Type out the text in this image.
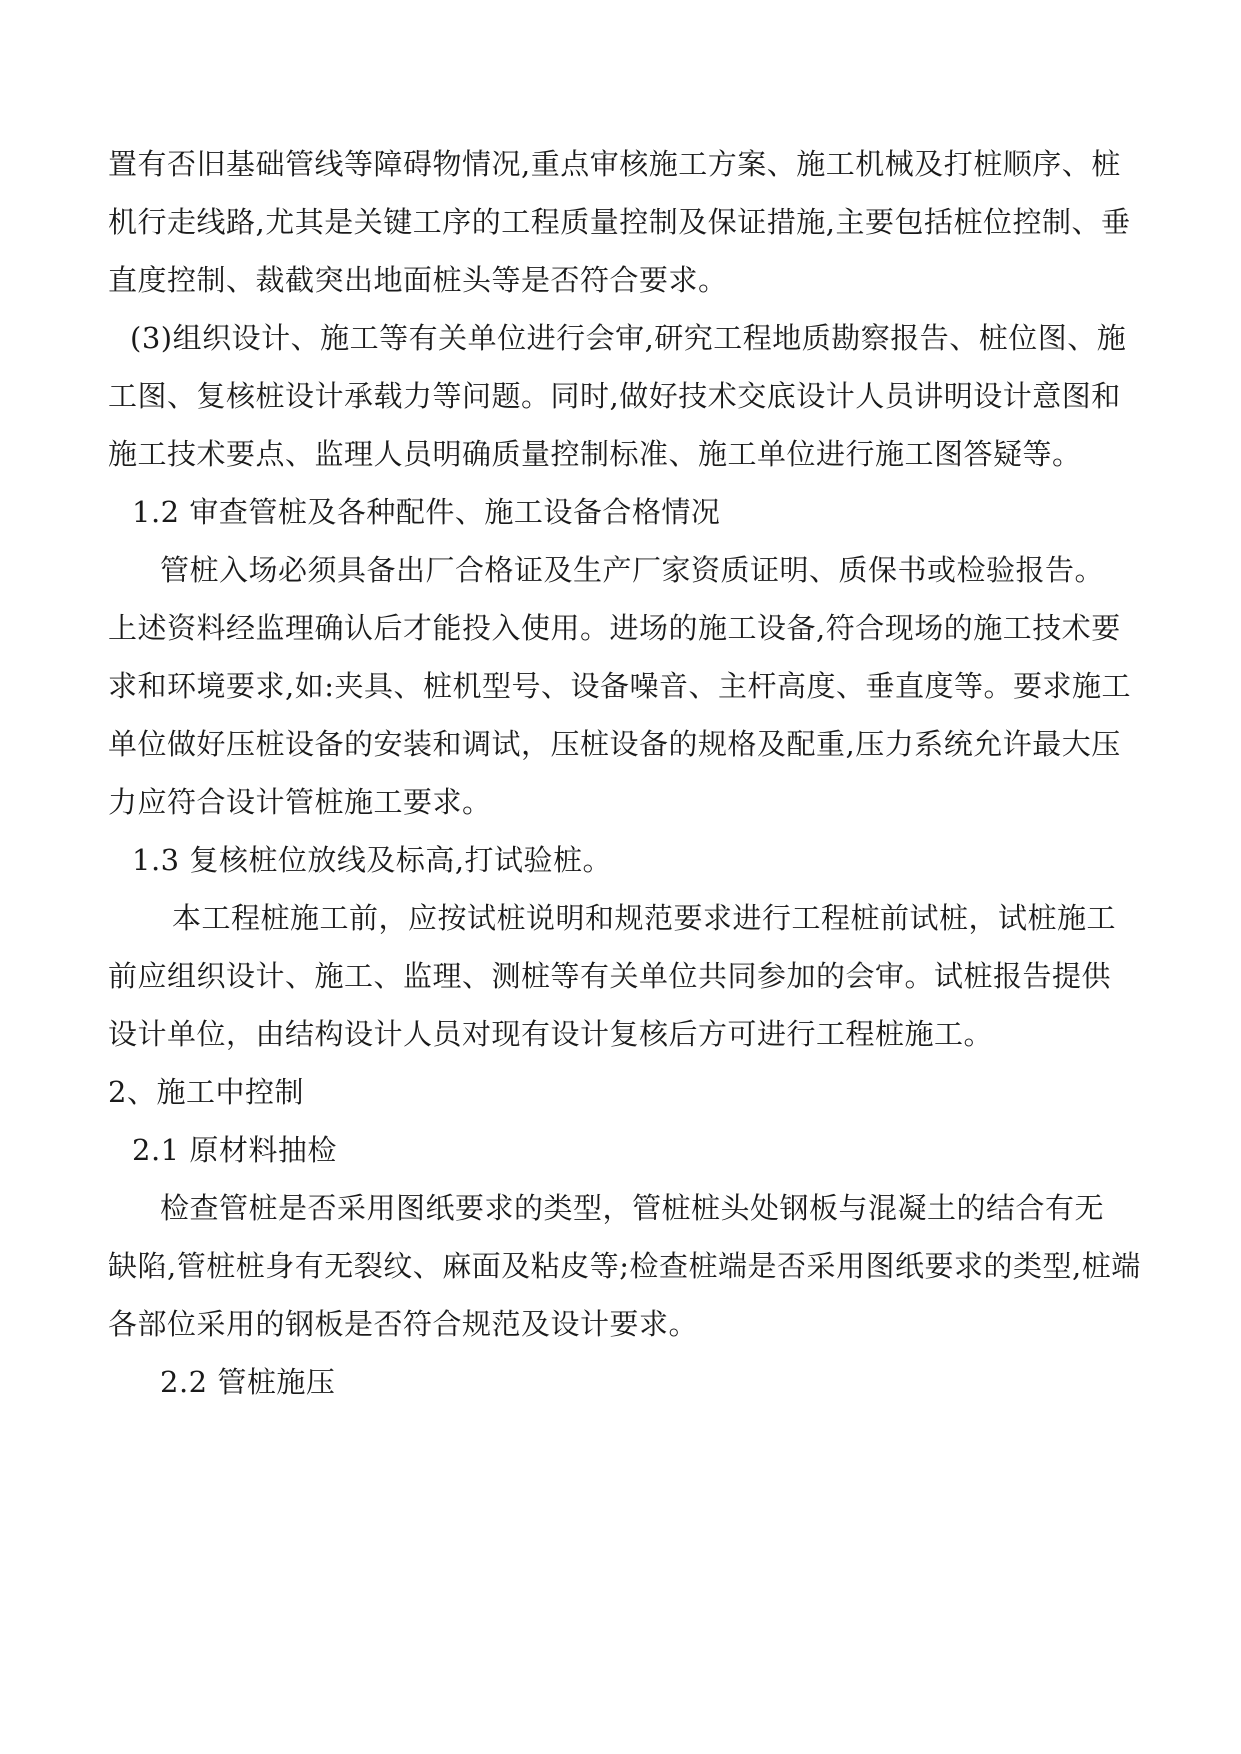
置有否旧基础管线等障碍物情况,重点审核施工方案、施工机械及打桩顺序、桩
机行走线路,尤其是关键工序的工程质量控制及保证措施,主要包括桩位控制、垂
直度控制、裁截突出地面桩头等是否符合要求。
(3)组织设计、施工等有关单位进行会审,研究工程地质勘察报告、桩位图、施
工图、复核桩设计承载力等问题。同时,做好技术交底设计人员讲明设计意图和
施工技术要点、监理人员明确质量控制标准、施工单位进行施工图答疑等。
1.2 审查管桩及各种配件、施工设备合格情况
管桩入场必须具备出厂合格证及生产厂家资质证明、质保书或检验报告。
上述资料经监理确认后才能投入使用。进场的施工设备,符合现场的施工技术要
求和环境要求,如:夹具、桩机型号、设备噪音、主杆高度、垂直度等。要求施工
单位做好压桩设备的安装和调试，压桩设备的规格及配重,压力系统允许最大压
力应符合设计管桩施工要求。
1.3 复核桩位放线及标高,打试验桩。
本工程桩施工前，应按试桩说明和规范要求进行工程桩前试桩，试桩施工
前应组织设计、施工、监理、测桩等有关单位共同参加的会审。试桩报告提供
设计单位，由结构设计人员对现有设计复核后方可进行工程桩施工。
2、施工中控制
2.1 原材料抽检
检查管桩是否采用图纸要求的类型，管桩桩头处钢板与混凝土的结合有无
缺陷,管桩桩身有无裂纹、麻面及粘皮等;检查桩端是否采用图纸要求的类型,桩端
各部位采用的钢板是否符合规范及设计要求。
2.2 管桩施压
